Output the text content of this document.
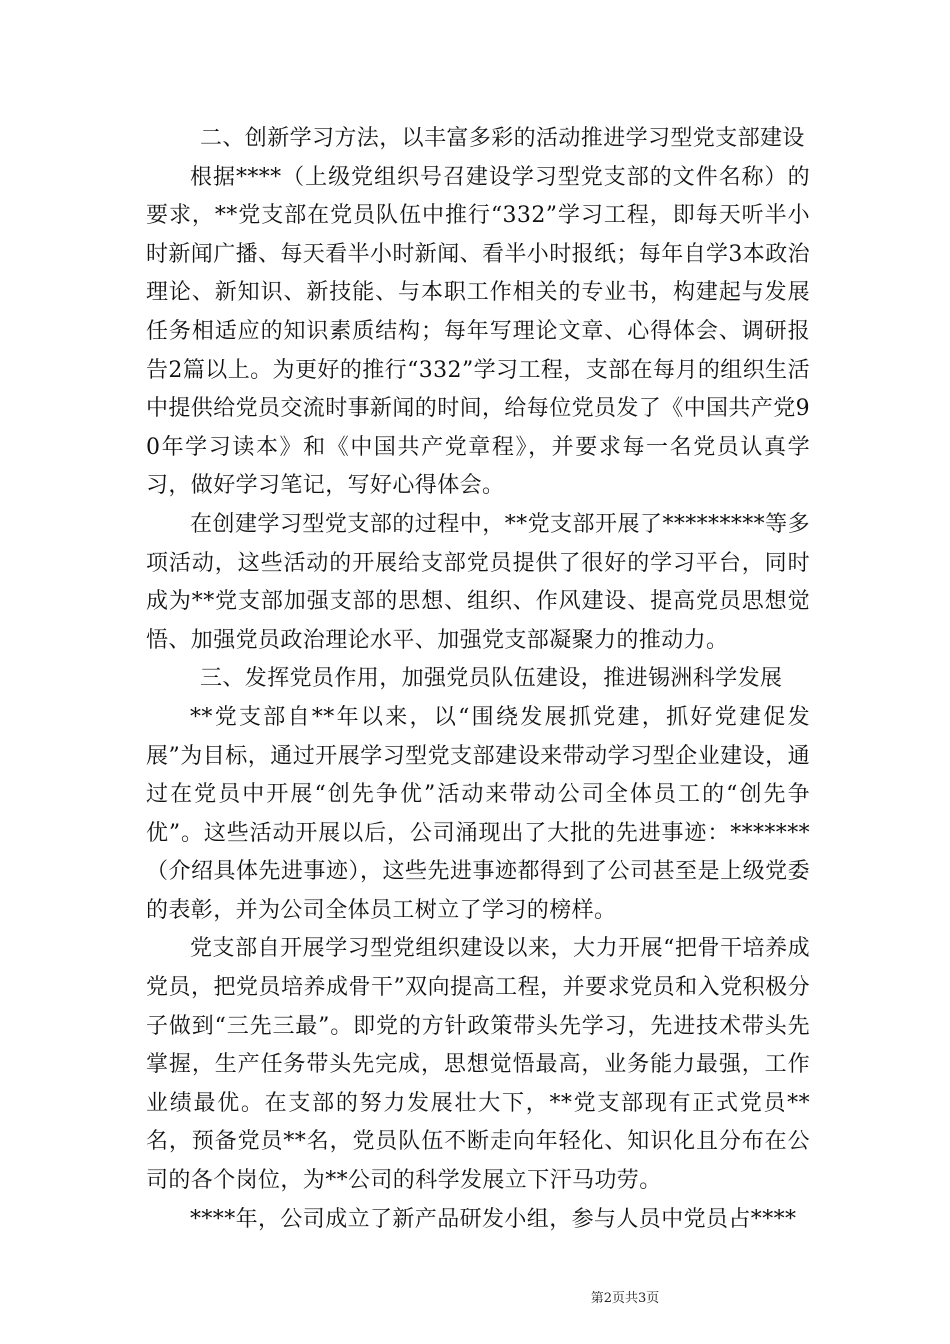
二、创新学习方法，以丰富多彩的活动推进学习型党支部建设

根据****（上级党组织号召建设学习型党支部的文件名称）的要求，**党支部在党员队伍中推行“332”学习工程，即每天听半小时新闻广播、每天看半小时新闻、看半小时报纸；每年自学3本政治理论、新知识、新技能、与本职工作相关的专业书，构建起与发展任务相适应的知识素质结构；每年写理论文章、心得体会、调研报告2篇以上。为更好的推行“332”学习工程，支部在每月的组织生活中提供给党员交流时事新闻的时间，给每位党员发了《中国共产党90年学习读本》和《中国共产党章程》，并要求每一名党员认真学习，做好学习笔记，写好心得体会。

在创建学习型党支部的过程中，**党支部开展了*********等多项活动，这些活动的开展给支部党员提供了很好的学习平台，同时成为**党支部加强支部的思想、组织、作风建设、提高党员思想觉悟、加强党员政治理论水平、加强党支部凝聚力的推动力。

三、发挥党员作用，加强党员队伍建设，推进锡洲科学发展

**党支部自**年以来，以“围绕发展抓党建，抓好党建促发展”为目标，通过开展学习型党支部建设来带动学习型企业建设，通过在党员中开展“创先争优”活动来带动公司全体员工的“创先争优”。这些活动开展以后，公司涌现出了大批的先进事迹：*******（介绍具体先进事迹），这些先进事迹都得到了公司甚至是上级党委的表彰，并为公司全体员工树立了学习的榜样。

党支部自开展学习型党组织建设以来，大力开展“把骨干培养成党员，把党员培养成骨干”双向提高工程，并要求党员和入党积极分子做到“三先三最”。即党的方针政策带头先学习，先进技术带头先掌握，生产任务带头先完成，思想觉悟最高，业务能力最强，工作业绩最优。在支部的努力发展壮大下，**党支部现有正式党员**名，预备党员**名，党员队伍不断走向年轻化、知识化且分布在公司的各个岗位，为**公司的科学发展立下汗马功劳。

****年，公司成立了新产品研发小组，参与人员中党员占****

第2页共3页
